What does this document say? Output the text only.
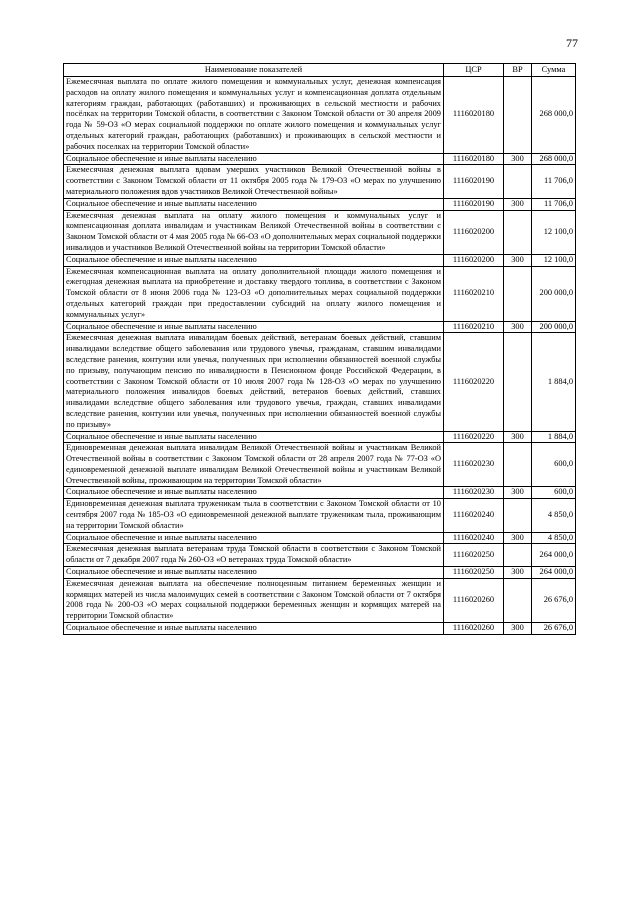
77
Наименование показателей	ЦСР	ВР	Сумма
Ежемесячная выплата по оплате жилого помещения и коммунальных услуг, денежная компенсация расходов на оплату жилого помещения и коммунальных услуг и компенсационная доплата отдельным категориям граждан, работающих (работавших) и проживающих в сельской местности и рабочих посёлках на территории Томской области, в соответствии с Законом Томской области от 30 апреля 2009 года № 59-ОЗ «О мерах социальной поддержки по оплате жилого помещения и коммунальных услуг отдельных категорий граждан, работающих (работавших) и проживающих в сельской местности и рабочих поселках на территории Томской области»	1116020180		268 000,0
Социальное обеспечение и иные выплаты населению	1116020180	300	268 000,0
Ежемесячная денежная выплата вдовам умерших участников Великой Отечественной войны в соответствии с Законом Томской области от 11 октября 2005 года № 179-ОЗ «О мерах по улучшению материального положения вдов участников Великой Отечественной войны»	1116020190		11 706,0
Социальное обеспечение и иные выплаты населению	1116020190	300	11 706,0
Ежемесячная денежная выплата на оплату жилого помещения и коммунальных услуг и компенсационная доплата инвалидам и участникам Великой Отечественной войны в соответствии с Законом Томской области от 4 мая 2005 года № 66-ОЗ «О дополнительных мерах социальной поддержки инвалидов и участников Великой Отечественной войны на территории Томской области»	1116020200		12 100,0
Социальное обеспечение и иные выплаты населению	1116020200	300	12 100,0
Ежемесячная компенсационная выплата на оплату дополнительной площади жилого помещения и ежегодная денежная выплата на приобретение и доставку твердого топлива, в соответствии с Законом Томской области от 8 июня 2006 года № 123-ОЗ «О дополнительных мерах социальной поддержки отдельных категорий граждан при предоставлении субсидий на оплату жилого помещения и коммунальных услуг»	1116020210		200 000,0
Социальное обеспечение и иные выплаты населению	1116020210	300	200 000,0
Ежемесячная денежная выплата инвалидам боевых действий, ветеранам боевых действий, ставшим инвалидами вследствие общего заболевания или трудового увечья, гражданам, ставшим инвалидами вследствие ранения, контузии или увечья, полученных при исполнении обязанностей военной службы по призыву, получающим пенсию по инвалидности в Пенсионном фонде Российской Федерации, в соответствии с Законом Томской области от 10 июля 2007 года № 128-ОЗ «О мерах по улучшению материального положения инвалидов боевых действий, ветеранов боевых действий, ставших инвалидами вследствие общего заболевания или трудового увечья, граждан, ставших инвалидами вследствие ранения, контузии или увечья, полученных при исполнении обязанностей военной службы по призыву»	1116020220		1 884,0
Социальное обеспечение и иные выплаты населению	1116020220	300	1 884,0
Единовременная денежная выплата инвалидам Великой Отечественной войны и участникам Великой Отечественной войны в соответствии с Законом Томской области от 28 апреля 2007 года № 77-ОЗ «О единовременной денежной выплате инвалидам Великой Отечественной войны и участникам Великой Отечественной войны, проживающим на территории Томской области»	1116020230		600,0
Социальное обеспечение и иные выплаты населению	1116020230	300	600,0
Единовременная денежная выплата труженикам тыла в соответствии с Законом Томской области от 10 сентября 2007 года № 185-ОЗ «О единовременной денежной выплате труженикам тыла, проживающим на территории Томской области»	1116020240		4 850,0
Социальное обеспечение и иные выплаты населению	1116020240	300	4 850,0
Ежемесячная денежная выплата ветеранам труда Томской области в соответствии с Законом Томской области от 7 декабря 2007 года № 260-ОЗ «О ветеранах труда Томской области»	1116020250		264 000,0
Социальное обеспечение и иные выплаты населению	1116020250	300	264 000,0
Ежемесячная денежная выплата на обеспечение полноценным питанием беременных женщин и кормящих матерей из числа малоимущих семей в соответствии с Законом Томской области от 7 октября 2008 года № 200-ОЗ «О мерах социальной поддержки беременных женщин и кормящих матерей на территории Томской области»	1116020260		26 676,0
Социальное обеспечение и иные выплаты населению	1116020260	300	26 676,0
